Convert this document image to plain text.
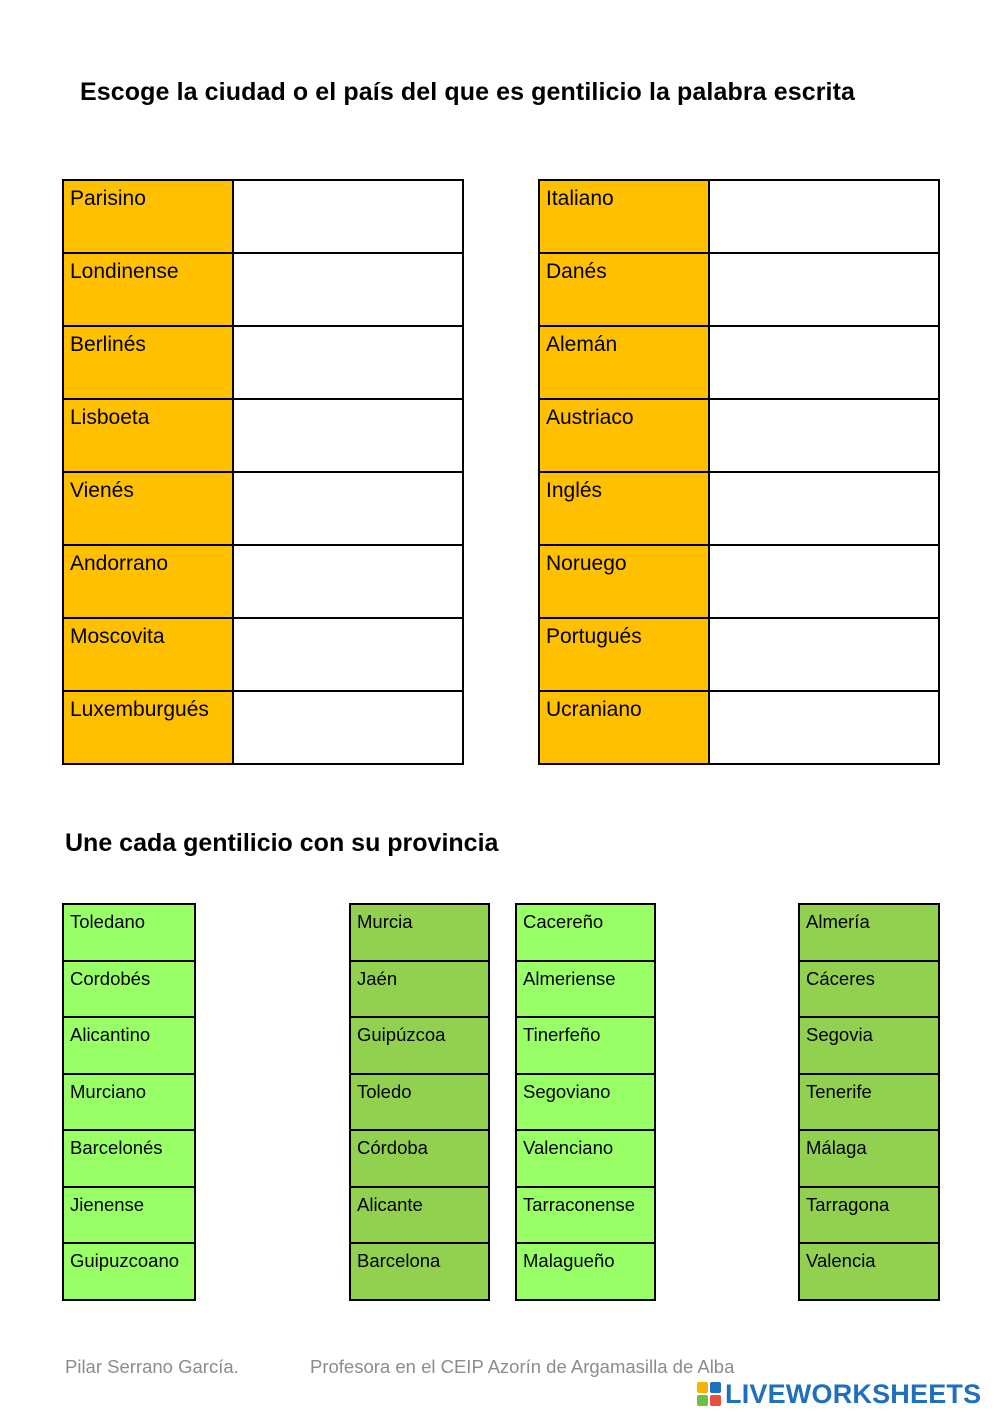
Escoge la ciudad o el país del que es gentilicio la palabra escrita
Parisino	
Londinense	
Berlinés	
Lisboeta	
Vienés	
Andorrano	
Moscovita	
Luxemburgués	
Italiano	
Danés	
Alemán	
Austriaco	
Inglés	
Noruego	
Portugués	
Ucraniano	
Une cada gentilicio con su provincia
Toledano
Cordobés
Alicantino
Murciano
Barcelonés
Jienense
Guipuzcoano
Murcia
Jaén
Guipúzcoa
Toledo
Córdoba
Alicante
Barcelona
Cacereño
Almeriense
Tinerfeño
Segoviano
Valenciano
Tarraconense
Malagueño
Almería
Cáceres
Segovia
Tenerife
Málaga
Tarragona
Valencia
Pilar Serrano García.	Profesora en el CEIP Azorín de Argamasilla de Alba
LIVEWORKSHEETS
